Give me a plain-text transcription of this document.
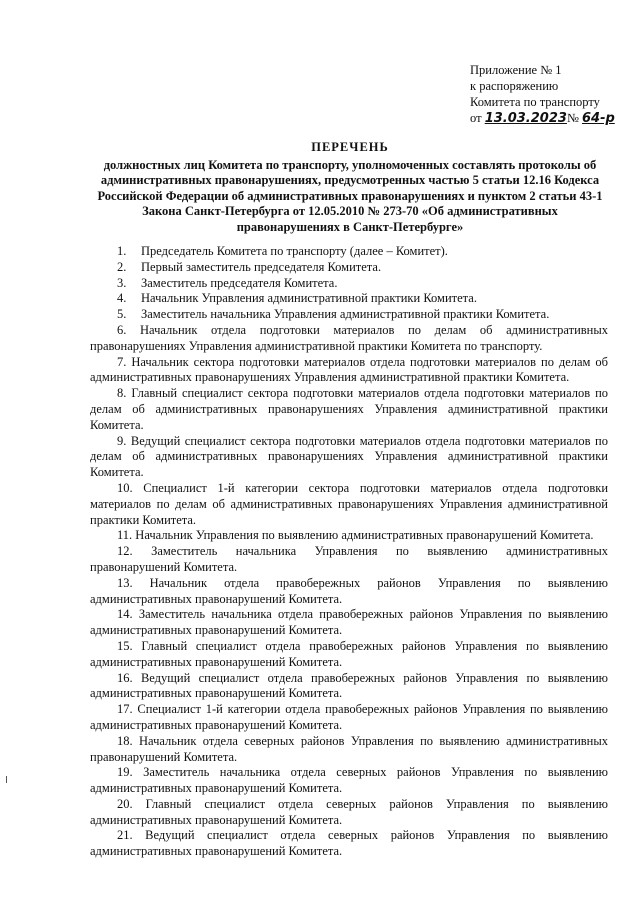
Приложение № 1
к распоряжению
Комитета по транспорту
от 13.03.2023№ 64-р
ПЕРЕЧЕНЬ
должностных лиц Комитета по транспорту, уполномоченных составлять протоколы об административных правонарушениях, предусмотренных частью 5 статьи 12.16 Кодекса Российской Федерации об административных правонарушениях и пунктом 2 статьи 43-1 Закона Санкт-Петербурга от 12.05.2010 № 273-70 «Об административных правонарушениях в Санкт-Петербурге»

1. Председатель Комитета по транспорту (далее – Комитет).

2. Первый заместитель председателя Комитета.

3. Заместитель председателя Комитета.

4. Начальник Управления административной практики Комитета.

5. Заместитель начальника Управления административной практики Комитета.

6. Начальник отдела подготовки материалов по делам об административных правонарушениях Управления административной практики Комитета по транспорту.

7. Начальник сектора подготовки материалов отдела подготовки материалов по делам об административных правонарушениях Управления административной практики Комитета.

8. Главный специалист сектора подготовки материалов отдела подготовки материалов по делам об административных правонарушениях Управления административной практики Комитета.

9. Ведущий специалист сектора подготовки материалов отдела подготовки материалов по делам об административных правонарушениях Управления административной практики Комитета.

10. Специалист 1-й категории сектора подготовки материалов отдела подготовки материалов по делам об административных правонарушениях Управления административной практики Комитета.

11. Начальник Управления по выявлению административных правонарушений Комитета.

12. Заместитель начальника Управления по выявлению административных правонарушений Комитета.

13. Начальник отдела правобережных районов Управления по выявлению административных правонарушений Комитета.

14. Заместитель начальника отдела правобережных районов Управления по выявлению административных правонарушений Комитета.

15. Главный специалист отдела правобережных районов Управления по выявлению административных правонарушений Комитета.

16. Ведущий специалист отдела правобережных районов Управления по выявлению административных правонарушений Комитета.

17. Специалист 1-й категории отдела правобережных районов Управления по выявлению административных правонарушений Комитета.

18. Начальник отдела северных районов Управления по выявлению административных правонарушений Комитета.

19. Заместитель начальника отдела северных районов Управления по выявлению административных правонарушений Комитета.

20. Главный специалист отдела северных районов Управления по выявлению административных правонарушений Комитета.

21. Ведущий специалист отдела северных районов Управления по выявлению административных правонарушений Комитета.
